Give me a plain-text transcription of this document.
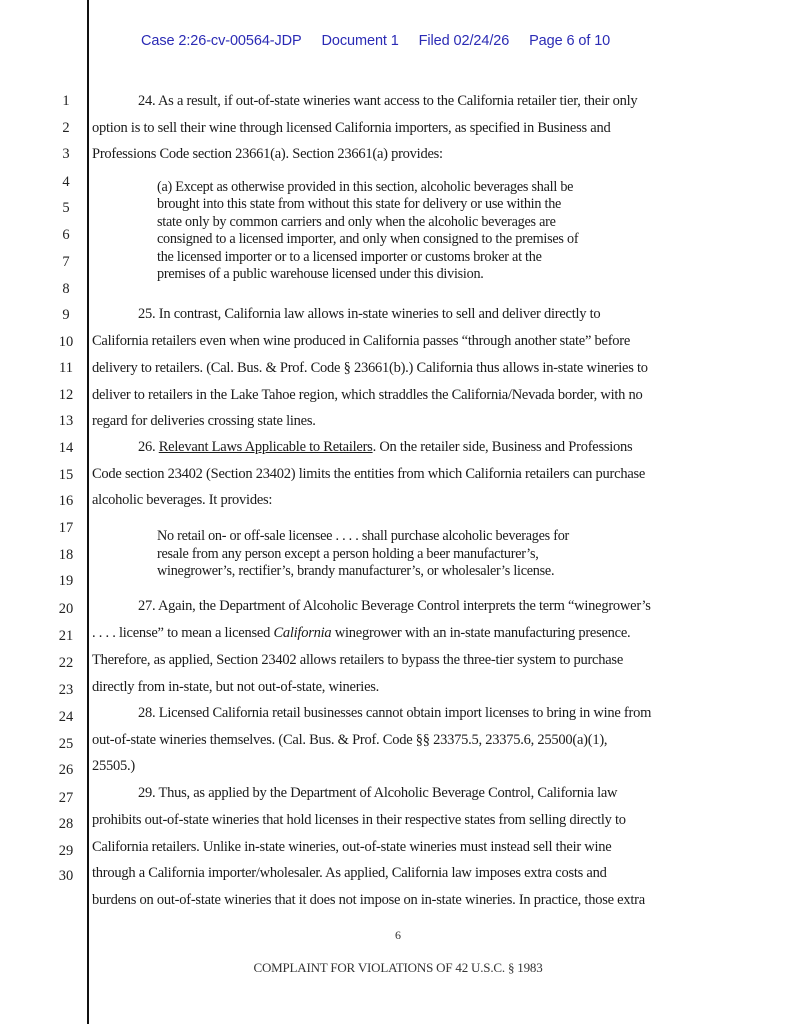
Case 2:26-cv-00564-JDP Document 1 Filed 02/24/26 Page 6 of 10
1
2
3
4
5
6
7
8
9
10
11
12
13
14
15
16
17
18
19
20
21
22
23
24
25
26
27
28
29
30
24. As a result, if out-of-state wineries want access to the California retailer tier, their only
option is to sell their wine through licensed California importers, as specified in Business and
Professions Code section 23661(a). Section 23661(a) provides:
(a) Except as otherwise provided in this section, alcoholic beverages shall be
brought into this state from without this state for delivery or use within the
state only by common carriers and only when the alcoholic beverages are
consigned to a licensed importer, and only when consigned to the premises of
the licensed importer or to a licensed importer or customs broker at the
premises of a public warehouse licensed under this division.
25. In contrast, California law allows in-state wineries to sell and deliver directly to
California retailers even when wine produced in California passes “through another state” before
delivery to retailers. (Cal. Bus. & Prof. Code § 23661(b).) California thus allows in-state wineries to
deliver to retailers in the Lake Tahoe region, which straddles the California/Nevada border, with no
regard for deliveries crossing state lines.
26. Relevant Laws Applicable to Retailers. On the retailer side, Business and Professions
Code section 23402 (Section 23402) limits the entities from which California retailers can purchase
alcoholic beverages. It provides:
No retail on- or off-sale licensee . . . . shall purchase alcoholic beverages for
resale from any person except a person holding a beer manufacturer’s,
winegrower’s, rectifier’s, brandy manufacturer’s, or wholesaler’s license.
27. Again, the Department of Alcoholic Beverage Control interprets the term “winegrower’s
. . . . license” to mean a licensed California winegrower with an in-state manufacturing presence.
Therefore, as applied, Section 23402 allows retailers to bypass the three-tier system to purchase
directly from in-state, but not out-of-state, wineries.
28. Licensed California retail businesses cannot obtain import licenses to bring in wine from
out-of-state wineries themselves. (Cal. Bus. & Prof. Code §§ 23375.5, 23375.6, 25500(a)(1),
25505.)
29. Thus, as applied by the Department of Alcoholic Beverage Control, California law
prohibits out-of-state wineries that hold licenses in their respective states from selling directly to
California retailers. Unlike in-state wineries, out-of-state wineries must instead sell their wine
through a California importer/wholesaler. As applied, California law imposes extra costs and
burdens on out-of-state wineries that it does not impose on in-state wineries. In practice, those extra
6
COMPLAINT FOR VIOLATIONS OF 42 U.S.C. § 1983
